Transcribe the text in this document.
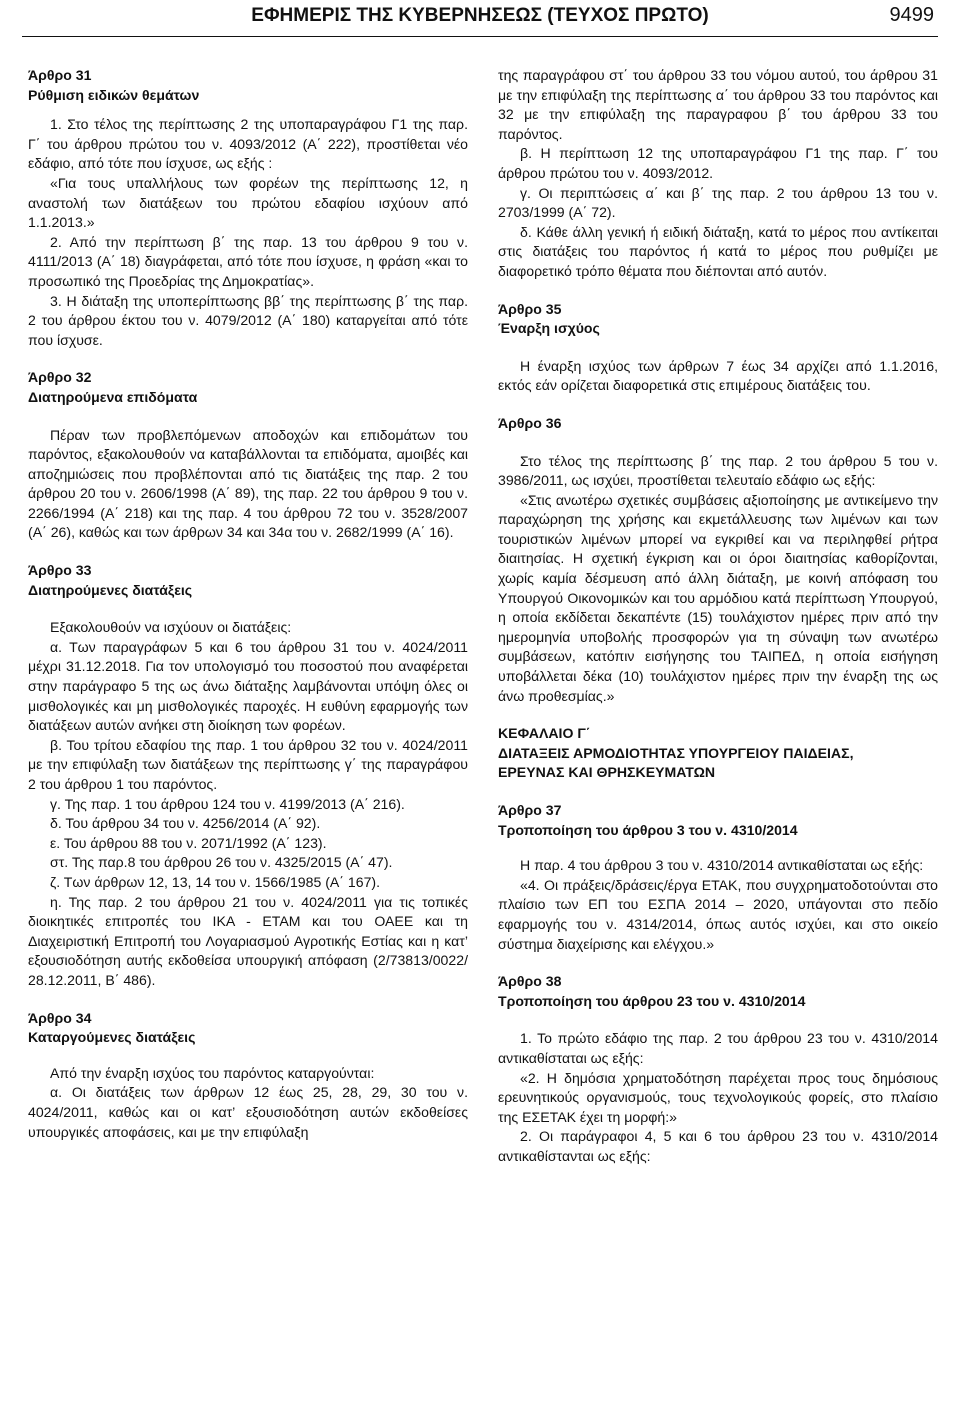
ΕΦΗΜΕΡΙΣ ΤΗΣ ΚΥΒΕΡΝΗΣΕΩΣ (ΤΕΥΧΟΣ ΠΡΩΤΟ)	9499

Άρθρο 31

Ρύθμιση ειδικών θεμάτων

1. Στο τέλος της περίπτωσης 2 της υποπαραγράφου Γ1 της παρ. Γ΄ του άρθρου πρώτου του ν. 4093/2012 (Α΄ 222), προστίθεται νέο εδάφιο, από τότε που ίσχυσε, ως εξής :

«Για τους υπαλλήλους των φορέων της περίπτωσης 12, η αναστολή των διατάξεων του πρώτου εδαφίου ισχύουν από 1.1.2013.»

2. Από την περίπτωση β΄ της παρ. 13 του άρθρου 9 του ν. 4111/2013 (Α΄ 18) διαγράφεται, από τότε που ίσχυσε, η φράση «και το προσωπικό της Προεδρίας της Δημοκρατίας».

3. Η διάταξη της υποπερίπτωσης ββ΄ της περίπτωσης β΄ της παρ. 2 του άρθρου έκτου του ν. 4079/2012 (Α΄ 180) καταργείται από τότε που ίσχυσε.

Άρθρο 32

Διατηρούμενα επιδόματα

Πέραν των προβλεπόμενων αποδοχών και επιδομάτων του παρόντος, εξακολουθούν να καταβάλλονται τα επιδόματα, αμοιβές και αποζημιώσεις που προβλέπονται από τις διατάξεις της παρ. 2 του άρθρου 20 του ν. 2606/1998 (Α΄ 89), της παρ. 22 του άρθρου 9 του ν. 2266/1994 (Α΄ 218) και της παρ. 4 του άρθρου 72 του ν. 3528/2007 (Α΄ 26), καθώς και των άρθρων 34 και 34α του ν. 2682/1999 (Α΄ 16).

Άρθρο 33

Διατηρούμενες διατάξεις

Εξακολουθούν να ισχύουν οι διατάξεις:

α. Των παραγράφων 5 και 6 του άρθρου 31 του ν. 4024/2011 μέχρι 31.12.2018. Για τον υπολογισμό του ποσοστού που αναφέρεται στην παράγραφο 5 της ως άνω διάταξης λαμβάνονται υπόψη όλες οι μισθολογικές και μη μισθολογικές παροχές. Η ευθύνη εφαρμογής των διατάξεων αυτών ανήκει στη διοίκηση των φορέων.

β. Του τρίτου εδαφίου της παρ. 1 του άρθρου 32 του ν. 4024/2011 με την επιφύλαξη των διατάξεων της περίπτωσης γ΄ της παραγράφου 2 του άρθρου 1 του παρόντος.

γ. Της παρ. 1 του άρθρου 124 του ν. 4199/2013 (Α΄ 216).

δ. Του άρθρου 34 του ν. 4256/2014 (Α΄ 92).

ε. Του άρθρου 88 του ν. 2071/1992 (Α΄ 123).

στ. Της παρ.8 του άρθρου 26 του ν. 4325/2015 (Α΄ 47).

ζ. Των άρθρων 12, 13, 14 του ν. 1566/1985 (Α΄ 167).

η. Της παρ. 2 του άρθρου 21 του ν. 4024/2011 για τις τοπικές διοικητικές επιτροπές του ΙΚΑ - ΕΤΑΜ και του ΟΑΕΕ και τη Διαχειριστική Επιτροπή του Λογαριασμού Αγροτικής Εστίας και η κατ’ εξουσιοδότηση αυτής εκδοθείσα υπουργική απόφαση (2/73813/0022/ 28.12.2011, Β΄ 486).

Άρθρο 34

Καταργούμενες διατάξεις

Από την έναρξη ισχύος του παρόντος καταργούνται:

α. Οι διατάξεις των άρθρων 12 έως 25, 28, 29, 30 του ν. 4024/2011, καθώς και οι κατ’ εξουσιοδότηση αυτών εκδοθείσες υπουργικές αποφάσεις, και με την επιφύλαξη

της παραγράφου στ΄ του άρθρου 33 του νόμου αυτού, του άρθρου 31 με την επιφύλαξη της περίπτωσης α΄ του άρθρου 33 του παρόντος και 32 με την επιφύλαξη της παραγραφου β΄ του άρθρου 33 του παρόντος.

β. Η περίπτωση 12 της υποπαραγράφου Γ1 της παρ. Γ΄ του άρθρου πρώτου του ν. 4093/2012.

γ. Οι περιπτώσεις α΄ και β΄ της παρ. 2 του άρθρου 13 του ν. 2703/1999 (Α΄ 72).

δ. Κάθε άλλη γενική ή ειδική διάταξη, κατά το μέρος που αντίκειται στις διατάξεις του παρόντος ή κατά το μέρος που ρυθμίζει με διαφορετικό τρόπο θέματα που διέπονται από αυτόν.

Άρθρο 35

Έναρξη ισχύος

Η έναρξη ισχύος των άρθρων 7 έως 34 αρχίζει από 1.1.2016, εκτός εάν ορίζεται διαφορετικά στις επιμέρους διατάξεις του.

Άρθρο 36

Στο τέλος της περίπτωσης β΄ της παρ. 2 του άρθρου 5 του ν. 3986/2011, ως ισχύει, προστίθεται τελευταίο εδάφιο ως εξής:

«Στις ανωτέρω σχετικές συμβάσεις αξιοποίησης με αντικείμενο την παραχώρηση της χρήσης και εκμετάλλευσης των λιμένων και των τουριστικών λιμένων μπορεί να εγκριθεί και να περιληφθεί ρήτρα διαιτησίας. Η σχετική έγκριση και οι όροι διαιτησίας καθορίζονται, χωρίς καμία δέσμευση από άλλη διάταξη, με κοινή απόφαση του Υπουργού Οικονομικών και του αρμόδιου κατά περίπτωση Υπουργού, η οποία εκδίδεται δεκαπέντε (15) τουλάχιστον ημέρες πριν από την ημερομηνία υποβολής προσφορών για τη σύναψη των ανωτέρω συμβάσεων, κατόπιν εισήγησης του ΤΑΙΠΕΔ, η οποία εισήγηση υποβάλλεται δέκα (10) τουλάχιστον ημέρες πριν την έναρξη της ως άνω προθεσμίας.»

ΚΕΦΑΛΑΙΟ Γ΄

ΔΙΑΤΑΞΕΙΣ ΑΡΜΟΔΙΟΤΗΤΑΣ ΥΠΟΥΡΓΕΙΟΥ ΠΑΙΔΕΙΑΣ,

ΕΡΕΥΝΑΣ ΚΑΙ ΘΡΗΣΚΕΥΜΑΤΩΝ

Άρθρο 37

Τροποποίηση του άρθρου 3 του ν. 4310/2014

Η παρ. 4 του άρθρου 3 του ν. 4310/2014 αντικαθίσταται ως εξής:

«4. Οι πράξεις/δράσεις/έργα ΕΤΑΚ, που συγχρηματοδοτούνται στο πλαίσιο των ΕΠ του ΕΣΠΑ 2014 – 2020, υπάγονται στο πεδίο εφαρμογής του ν. 4314/2014, όπως αυτός ισχύει, και στο οικείο σύστημα διαχείρισης και ελέγχου.»

Άρθρο 38

Τροποποίηση του άρθρου 23 του ν. 4310/2014

1. Το πρώτο εδάφιο της παρ. 2 του άρθρου 23 του ν. 4310/2014 αντικαθίσταται ως εξής:

«2. Η δημόσια χρηματοδότηση παρέχεται προς τους δημόσιους ερευνητικούς οργανισμούς, τους τεχνολογικούς φορείς, στο πλαίσιο της ΕΣΕΤΑΚ έχει τη μορφή:»

2. Οι παράγραφοι 4, 5 και 6 του άρθρου 23 του ν. 4310/2014 αντικαθίστανται ως εξής:
